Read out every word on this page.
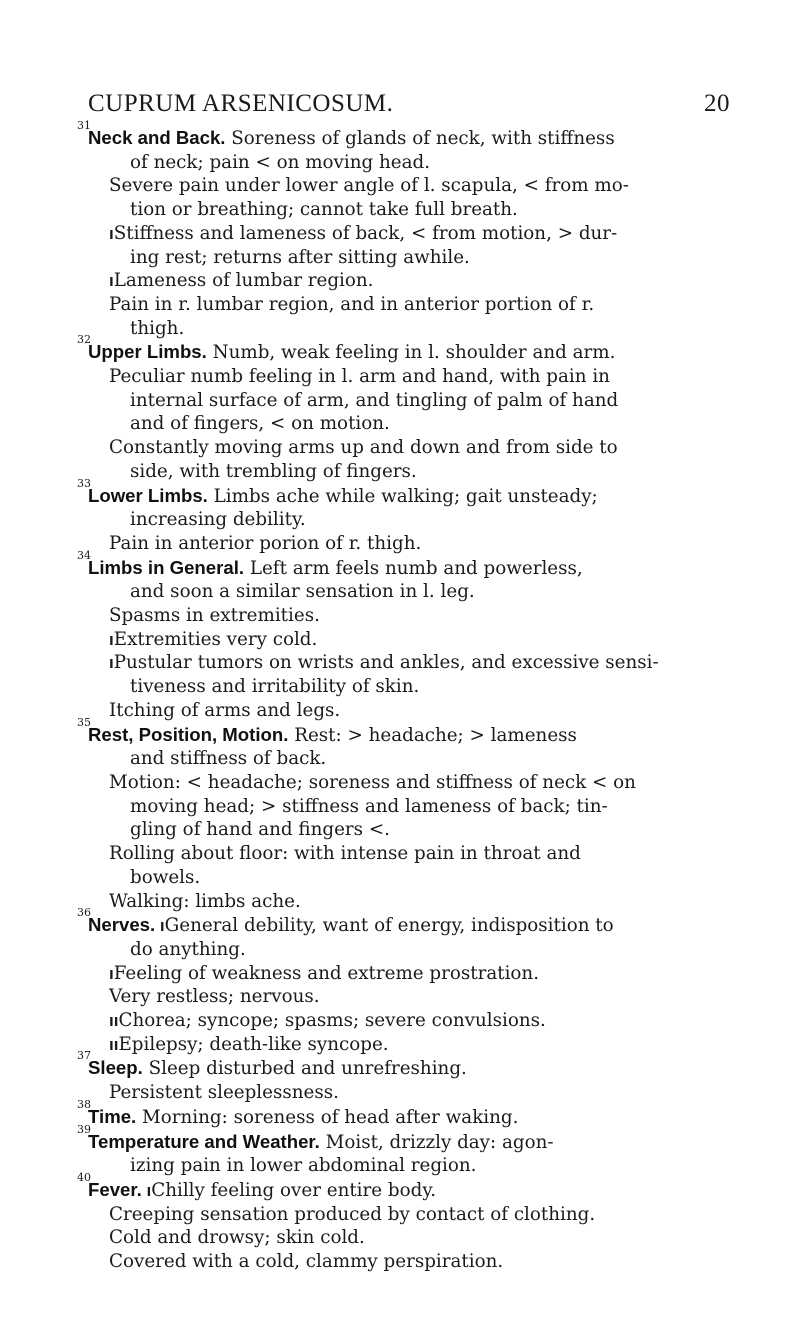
CUPRUM ARSENICOSUM.	20
31
Neck and Back. Soreness of glands of neck, with stiffness
of neck; pain < on moving head.
Severe pain under lower angle of l. scapula, < from mo-
tion or breathing; cannot take full breath.
ıStiffness and lameness of back, < from motion, > dur-
ing rest; returns after sitting awhile.
ıLameness of lumbar region.
Pain in r. lumbar region, and in anterior portion of r.
thigh.
32
Upper Limbs. Numb, weak feeling in l. shoulder and arm.
Peculiar numb feeling in l. arm and hand, with pain in
internal surface of arm, and tingling of palm of hand
and of fingers, < on motion.
Constantly moving arms up and down and from side to
side, with trembling of fingers.
33
Lower Limbs. Limbs ache while walking; gait unsteady;
increasing debility.
Pain in anterior porion of r. thigh.
34
Limbs in General. Left arm feels numb and powerless,
and soon a similar sensation in l. leg.
Spasms in extremities.
ıExtremities very cold.
ıPustular tumors on wrists and ankles, and excessive sensi-
tiveness and irritability of skin.
Itching of arms and legs.
35
Rest, Position, Motion. Rest: > headache; > lameness
and stiffness of back.
Motion: < headache; soreness and stiffness of neck < on
moving head; > stiffness and lameness of back; tin-
gling of hand and fingers <.
Rolling about floor: with intense pain in throat and
bowels.
Walking: limbs ache.
36
Nerves. ıGeneral debility, want of energy, indisposition to
do anything.
ıFeeling of weakness and extreme prostration.
Very restless; nervous.
ııChorea; syncope; spasms; severe convulsions.
ııEpilepsy; death-like syncope.
37
Sleep. Sleep disturbed and unrefreshing.
Persistent sleeplessness.
38
Time. Morning: soreness of head after waking.
39
Temperature and Weather. Moist, drizzly day: agon-
izing pain in lower abdominal region.
40
Fever. ıChilly feeling over entire body.
Creeping sensation produced by contact of clothing.
Cold and drowsy; skin cold.
Covered with a cold, clammy perspiration.
